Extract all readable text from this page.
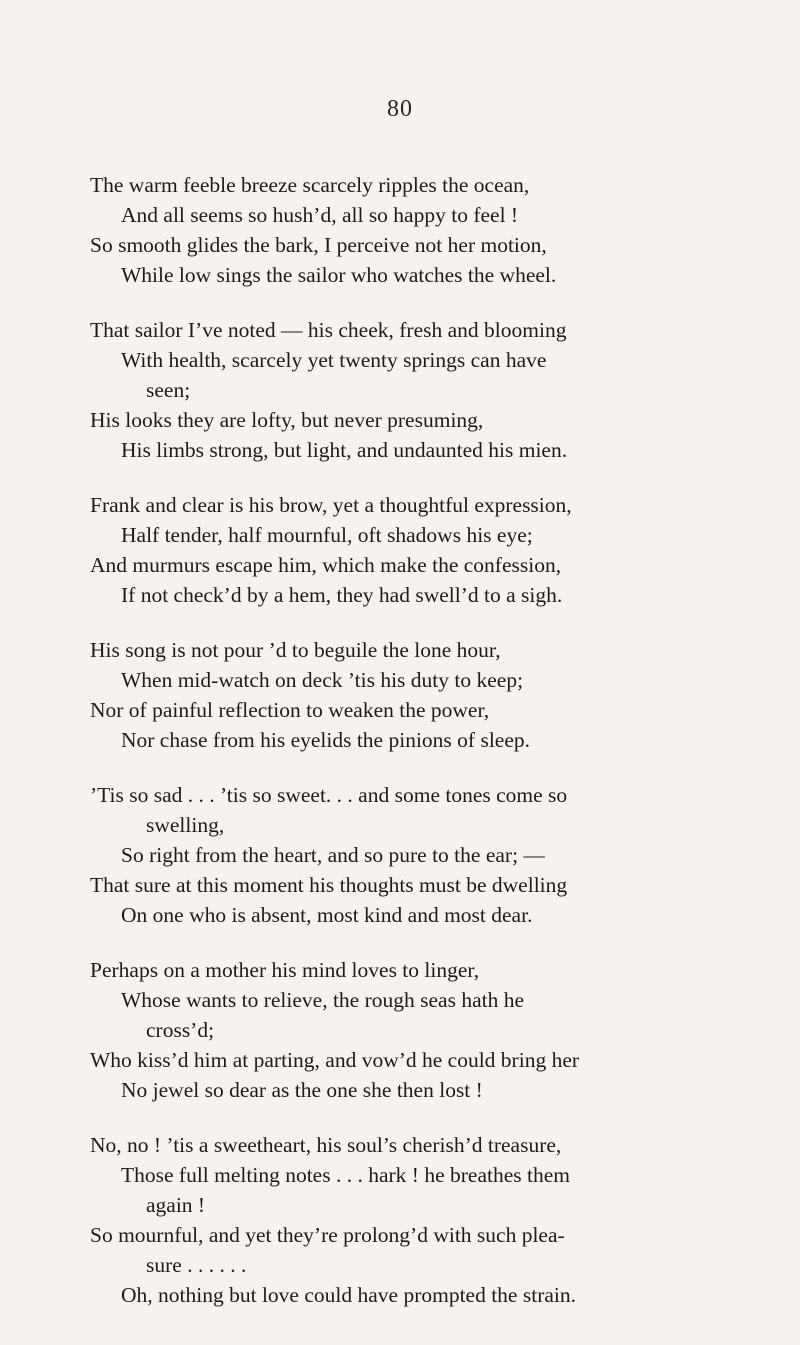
80
The warm feeble breeze scarcely ripples the ocean,
And all seems so hush’d, all so happy to feel !
So smooth glides the bark, I perceive not her motion,
While low sings the sailor who watches the wheel.
That sailor I’ve noted — his cheek, fresh and blooming
With health, scarcely yet twenty springs can have
seen;
His looks they are lofty, but never presuming,
His limbs strong, but light, and undaunted his mien.
Frank and clear is his brow, yet a thoughtful expression,
Half tender, half mournful, oft shadows his eye;
And murmurs escape him, which make the confession,
If not check’d by a hem, they had swell’d to a sigh.
His song is not pour ’d to beguile the lone hour,
When mid-watch on deck ’tis his duty to keep;
Nor of painful reflection to weaken the power,
Nor chase from his eyelids the pinions of sleep.
’Tis so sad . . . ’tis so sweet. . . and some tones come so
swelling,
So right from the heart, and so pure to the ear; —
That sure at this moment his thoughts must be dwelling
On one who is absent, most kind and most dear.
Perhaps on a mother his mind loves to linger,
Whose wants to relieve, the rough seas hath he
cross’d;
Who kiss’d him at parting, and vow’d he could bring her
No jewel so dear as the one she then lost !
No, no ! ’tis a sweetheart, his soul’s cherish’d treasure,
Those full melting notes . . . hark ! he breathes them
again !
So mournful, and yet they’re prolong’d with such plea-
sure . . . . . .
Oh, nothing but love could have prompted the strain.
